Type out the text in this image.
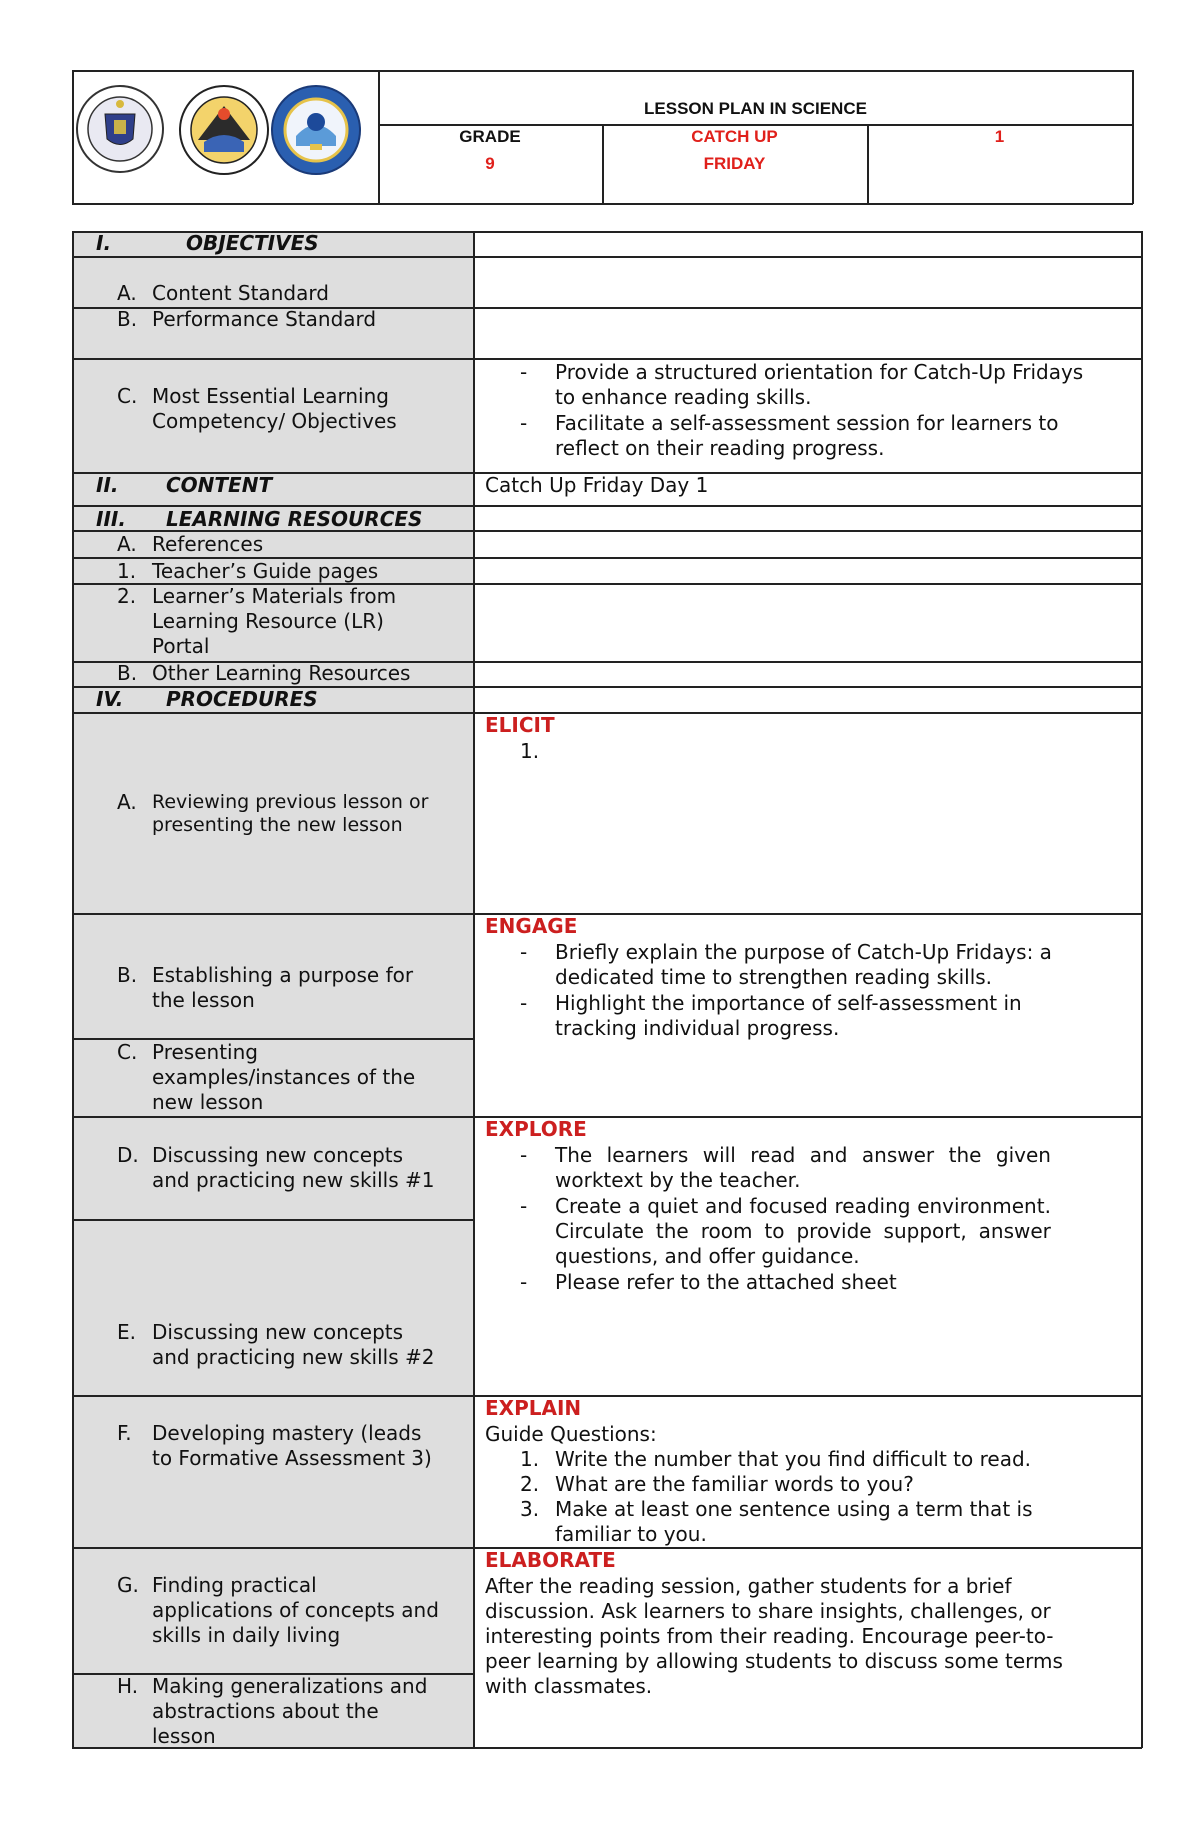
LESSON PLAN IN SCIENCE
GRADE
9
CATCH UP
FRIDAY
1
I.	OBJECTIVES
A. Content Standard
B. Performance Standard
C. Most Essential Learning
Competency/ Objectives
II. CONTENT
III. LEARNING RESOURCES
A. References
1. Teacher’s Guide pages
2. Learner’s Materials from
Learning Resource (LR)
Portal
B. Other Learning Resources
IV. PROCEDURES
A. Reviewing previous lesson or
presenting the new lesson
B. Establishing a purpose for
the lesson
C. Presenting
examples/instances of the
new lesson
D. Discussing new concepts
and practicing new skills #1
E. Discussing new concepts
and practicing new skills #2
F. Developing mastery (leads
to Formative Assessment 3)
G. Finding practical
applications of concepts and
skills in daily living
H. Making generalizations and
abstractions about the
lesson
- Provide a structured orientation for Catch-Up Fridays
to enhance reading skills.
- Facilitate a self-assessment session for learners to
reflect on their reading progress.
Catch Up Friday Day 1
ELICIT
1.
ENGAGE
- Briefly explain the purpose of Catch-Up Fridays: a
dedicated time to strengthen reading skills.
- Highlight the importance of self-assessment in
tracking individual progress.
EXPLORE
- The learners will read and answer the given
worktext by the teacher.
- Create a quiet and focused reading environment.
Circulate the room to provide support, answer
questions, and offer guidance.
- Please refer to the attached sheet
EXPLAIN
Guide Questions:
1. Write the number that you find difficult to read.
2. What are the familiar words to you?
3. Make at least one sentence using a term that is
familiar to you.
ELABORATE
After the reading session, gather students for a brief
discussion. Ask learners to share insights, challenges, or
interesting points from their reading. Encourage peer-to-
peer learning by allowing students to discuss some terms
with classmates.
